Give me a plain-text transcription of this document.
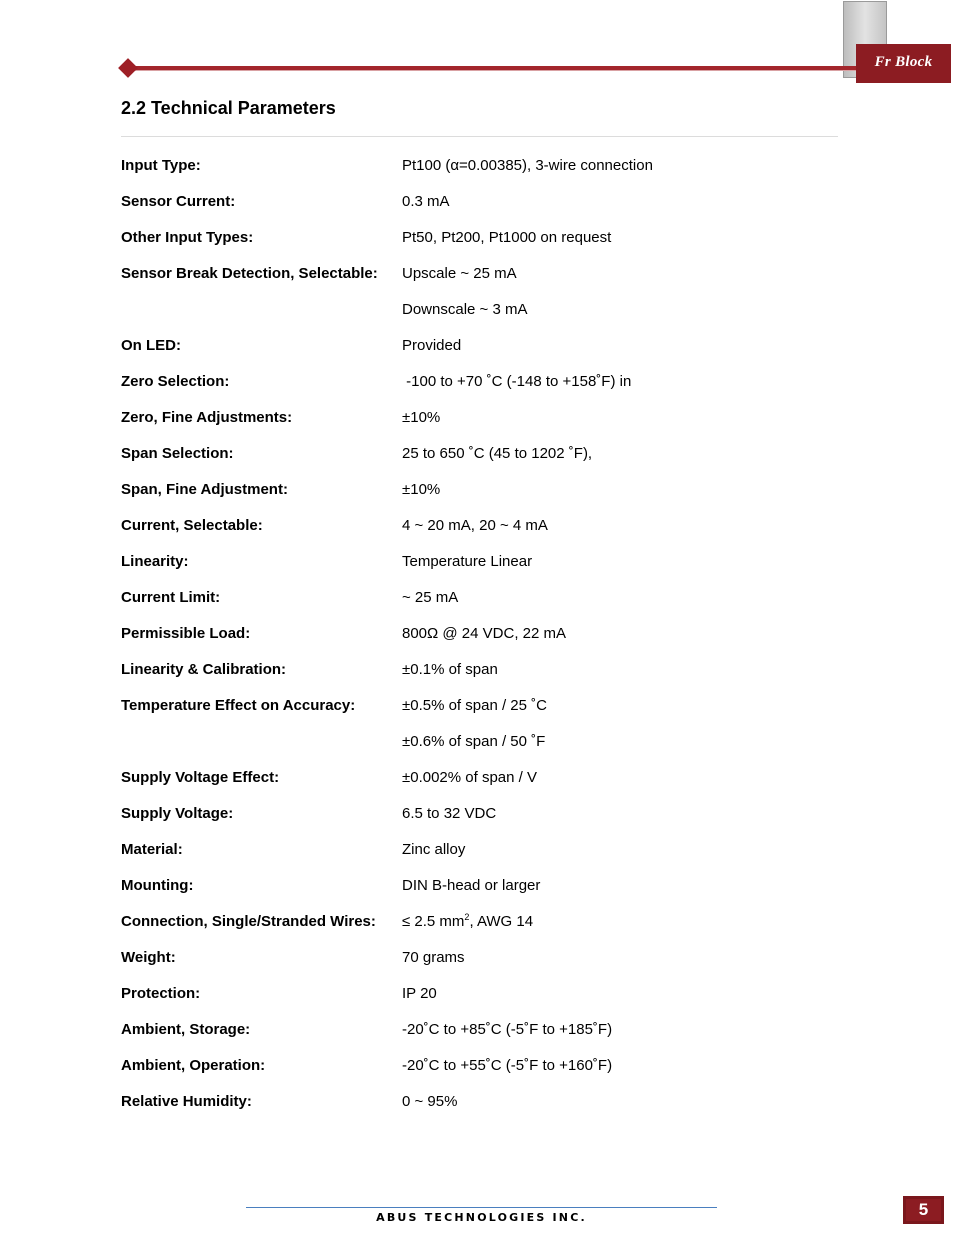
Fr Block
2.2 Technical Parameters
Input Type:	Pt100 (α=0.00385), 3-wire connection
Sensor Current:	0.3 mA
Other Input Types:	Pt50, Pt200, Pt1000 on request
Sensor Break Detection, Selectable: Upscale ~ 25 mA
Downscale ~ 3 mA
On LED:	Provided
Zero Selection:	-100 to +70 ˚C (-148 to +158˚F) in
Zero, Fine Adjustments:	±10%
Span Selection:	25 to 650 ˚C (45 to 1202 ˚F),
Span, Fine Adjustment:	±10%
Current, Selectable:	4 ~ 20 mA, 20 ~ 4 mA
Linearity:	Temperature Linear
Current Limit:	~ 25 mA
Permissible Load:	800Ω @ 24 VDC, 22 mA
Linearity & Calibration:	±0.1% of span
Temperature Effect on Accuracy:	±0.5% of span / 25 ˚C
±0.6% of span / 50 ˚F
Supply Voltage Effect:	±0.002% of span / V
Supply Voltage:	6.5 to 32 VDC
Material:	Zinc alloy
Mounting:	DIN B-head or larger
Connection, Single/Stranded Wires: ≤ 2.5 $mm^2$, AWG 14
Weight:	70 grams
Protection:	IP 20
Ambient, Storage:	-20˚C to +85˚C (-5˚F to +185˚F)
Ambient, Operation:	-20˚C to +55˚C (-5˚F to +160˚F)
Relative Humidity:	0 ~ 95%
ABUS TECHNOLOGIES INC.	5
